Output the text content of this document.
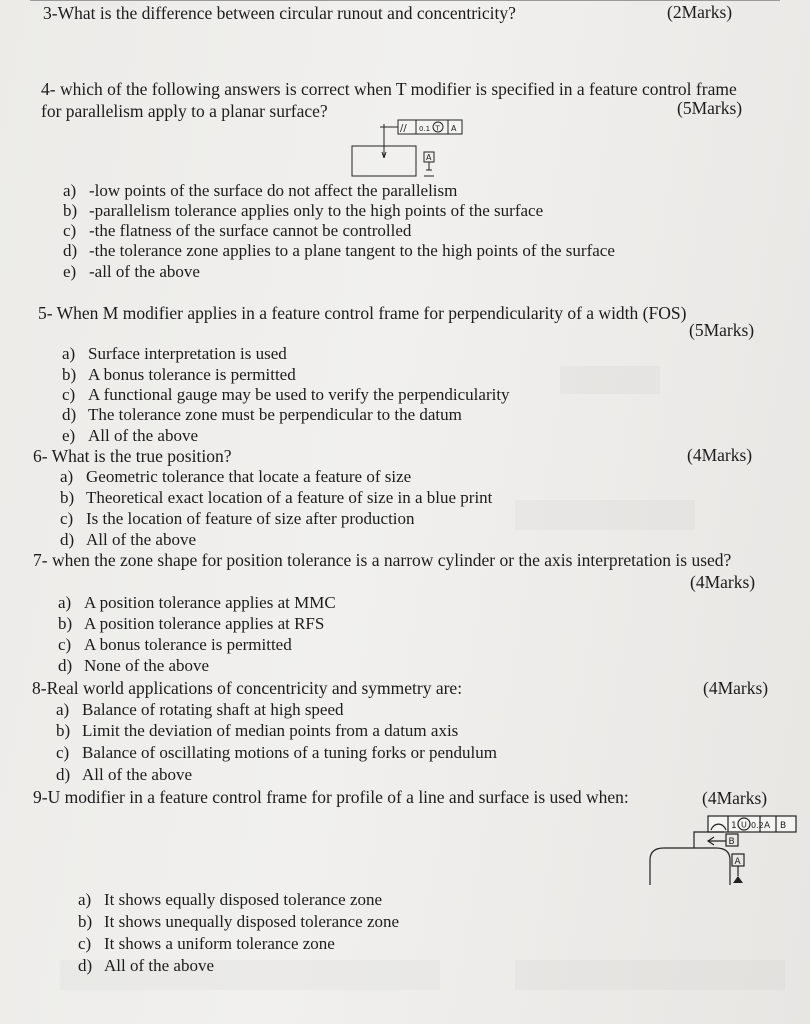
3-What is the difference between circular runout and concentricity?	(2Marks)
4- which of the following answers is correct when T modifier is specified in a feature control frame
for parallelism apply to a planar surface?	(5Marks)
// 0.1 T A
A
a) -low points of the surface do not affect the parallelism
b) -parallelism tolerance applies only to the high points of the surface
c) -the flatness of the surface cannot be controlled
d) -the tolerance zone applies to a plane tangent to the high points of the surface
e) -all of the above
5- When M modifier applies in a feature control frame for perpendicularity of a width (FOS)
(5Marks)
a) Surface interpretation is used
b) A bonus tolerance is permitted
c) A functional gauge may be used to verify the perpendicularity
d) The tolerance zone must be perpendicular to the datum
e) All of the above
6- What is the true position?	(4Marks)
a) Geometric tolerance that locate a feature of size
b) Theoretical exact location of a feature of size in a blue print
c) Is the location of feature of size after production
d) All of the above
7- when the zone shape for position tolerance is a narrow cylinder or the axis interpretation is used?
(4Marks)
a) A position tolerance applies at MMC
b) A position tolerance applies at RFS
c) A bonus tolerance is permitted
d) None of the above
8-Real world applications of concentricity and symmetry are:	(4Marks)
a) Balance of rotating shaft at high speed
b) Limit the deviation of median points from a datum axis
c) Balance of oscillating motions of a tuning forks or pendulum
d) All of the above
9-U modifier in a feature control frame for profile of a line and surface is used when:	(4Marks)
1 U 0.2 A B
B
A
a) It shows equally disposed tolerance zone
b) It shows unequally disposed tolerance zone
c) It shows a uniform tolerance zone
d) All of the above
